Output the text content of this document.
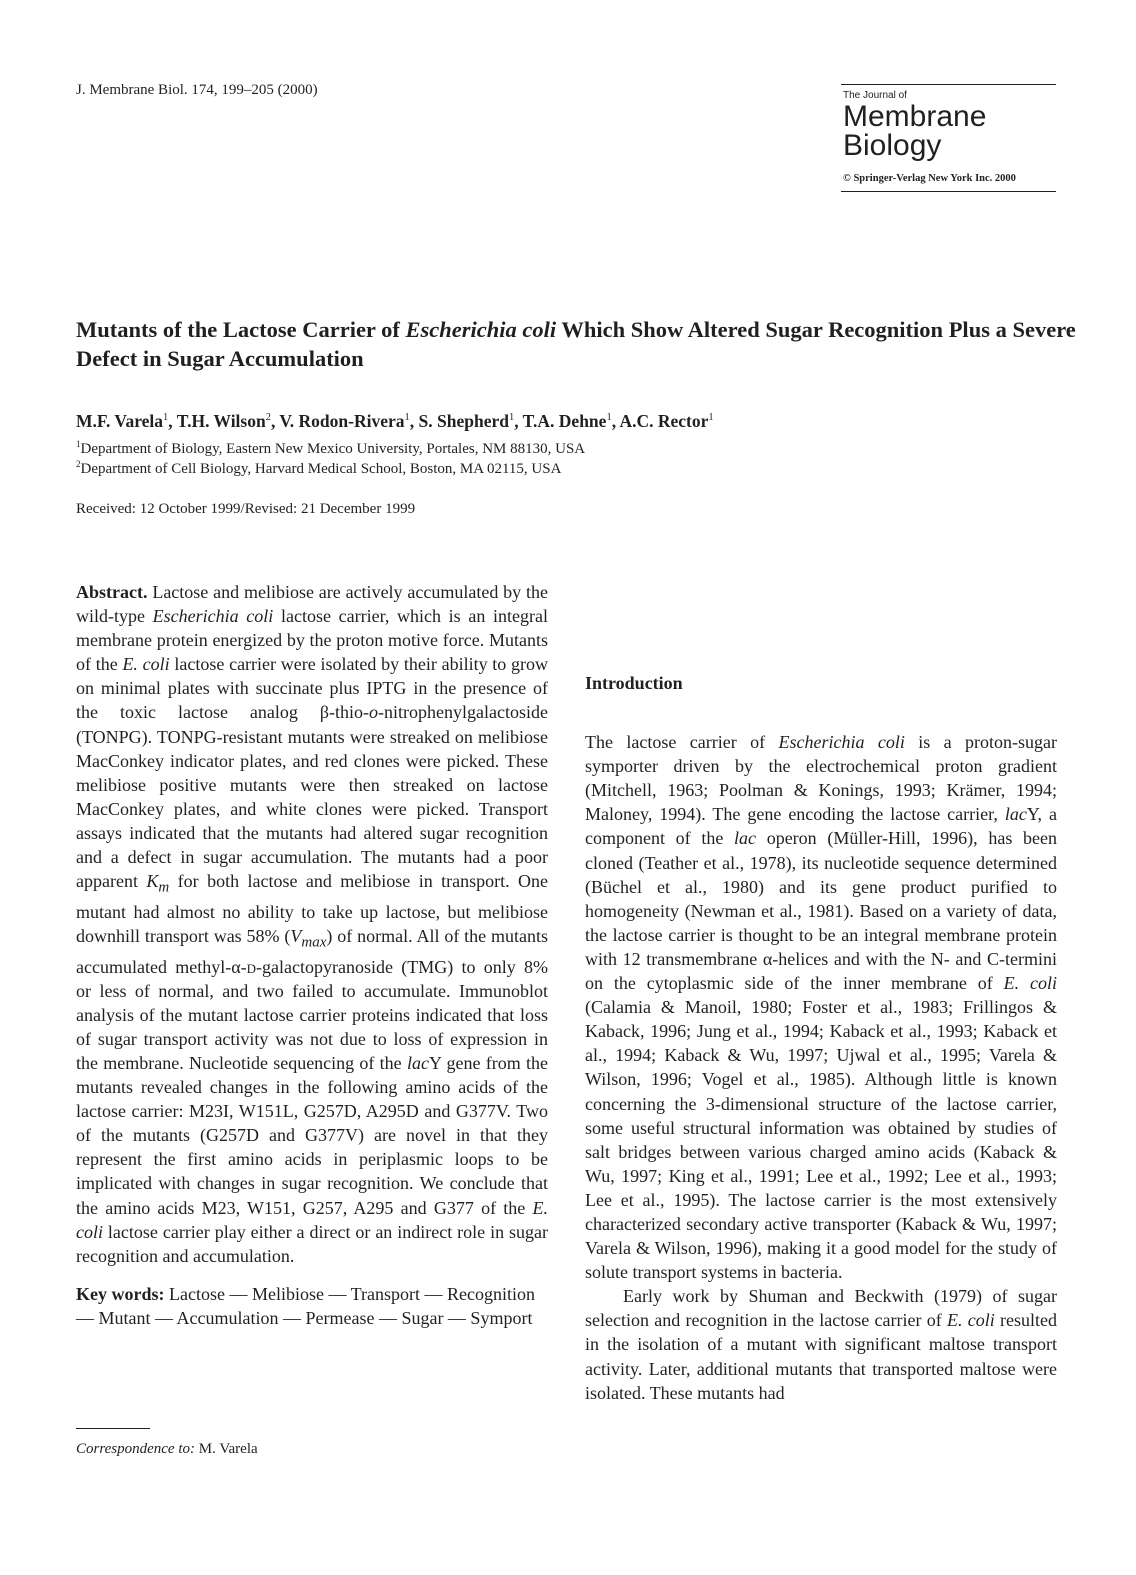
J. Membrane Biol. 174, 199–205 (2000)	The Journal of
Membrane
Biology
© Springer-Verlag New York Inc. 2000
Mutants of the Lactose Carrier of Escherichia coli Which Show Altered Sugar Recognition Plus a Severe Defect in Sugar Accumulation
M.F. Varela$^1$, T.H. Wilson$^2$, V. Rodon-Rivera$^1$, S. Shepherd$^1$, T.A. Dehne$^1$, A.C. Rector$^1$
$^1$Department of Biology, Eastern New Mexico University, Portales, NM 88130, USA
$^2$Department of Cell Biology, Harvard Medical School, Boston, MA 02115, USA
Received: 12 October 1999/Revised: 21 December 1999

Abstract. Lactose and melibiose are actively accumulated by the wild-type Escherichia coli lactose carrier, which is an integral membrane protein energized by the proton motive force. Mutants of the E. coli lactose carrier were isolated by their ability to grow on minimal plates with succinate plus IPTG in the presence of the toxic lactose analog β-thio-o-nitrophenylgalactoside (TONPG). TONPG-resistant mutants were streaked on melibiose MacConkey indicator plates, and red clones were picked. These melibiose positive mutants were then streaked on lactose MacConkey plates, and white clones were picked. Transport assays indicated that the mutants had altered sugar recognition and a defect in sugar accumulation. The mutants had a poor apparent $K_m$ for both lactose and melibiose in transport. One mutant had almost no ability to take up lactose, but melibiose downhill transport was 58% $(V_{max})$ of normal. All of the mutants accumulated methyl-α-d-galactopyranoside (TMG) to only 8% or less of normal, and two failed to accumulate. Immunoblot analysis of the mutant lactose carrier proteins indicated that loss of sugar transport activity was not due to loss of expression in the membrane. Nucleotide sequencing of the lacY gene from the mutants revealed changes in the following amino acids of the lactose carrier: M23I, W151L, G257D, A295D and G377V. Two of the mutants (G257D and G377V) are novel in that they represent the first amino acids in periplasmic loops to be implicated with changes in sugar recognition. We conclude that the amino acids M23, W151, G257, A295 and G377 of the E. coli lactose carrier play either a direct or an indirect role in sugar recognition and accumulation.

Key words: Lactose — Melibiose — Transport — Recognition — Mutant — Accumulation — Permease — Sugar — Symport

Introduction

The lactose carrier of Escherichia coli is a proton-sugar symporter driven by the electrochemical proton gradient (Mitchell, 1963; Poolman & Konings, 1993; Krämer, 1994; Maloney, 1994). The gene encoding the lactose carrier, lacY, a component of the lac operon (Müller-Hill, 1996), has been cloned (Teather et al., 1978), its nucleotide sequence determined (Büchel et al., 1980) and its gene product purified to homogeneity (Newman et al., 1981). Based on a variety of data, the lactose carrier is thought to be an integral membrane protein with 12 transmembrane α-helices and with the N- and C-termini on the cytoplasmic side of the inner membrane of E. coli (Calamia & Manoil, 1980; Foster et al., 1983; Frillingos & Kaback, 1996; Jung et al., 1994; Kaback et al., 1993; Kaback et al., 1994; Kaback & Wu, 1997; Ujwal et al., 1995; Varela & Wilson, 1996; Vogel et al., 1985). Although little is known concerning the 3-dimensional structure of the lactose carrier, some useful structural information was obtained by studies of salt bridges between various charged amino acids (Kaback & Wu, 1997; King et al., 1991; Lee et al., 1992; Lee et al., 1993; Lee et al., 1995). The lactose carrier is the most extensively characterized secondary active transporter (Kaback & Wu, 1997; Varela & Wilson, 1996), making it a good model for the study of solute transport systems in bacteria.

Early work by Shuman and Beckwith (1979) of sugar selection and recognition in the lactose carrier of E. coli resulted in the isolation of a mutant with significant maltose transport activity. Later, additional mutants that transported maltose were isolated. These mutants had

Correspondence to: M. Varela
